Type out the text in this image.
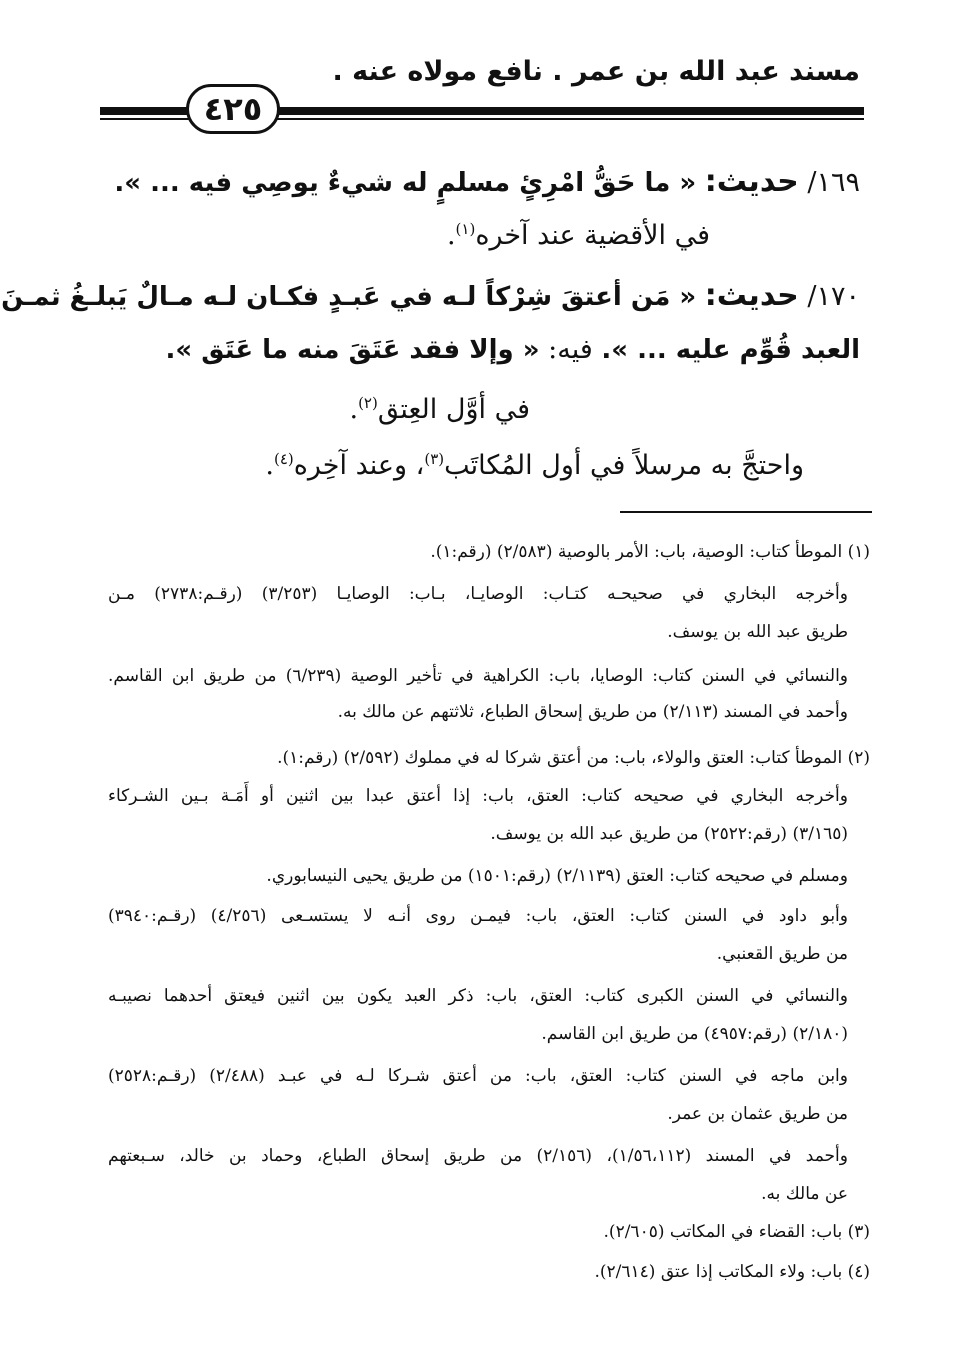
مسند عبد الله بن عمر . نافع مولاه عنه .
٤٢٥
١٦٩/ حديث: « ما حَقُّ امْرِئٍ مسلمٍ له شيءٌ يوصِي فيه ... ».
في الأقضية عند آخره$^{(١)}$.
١٧٠/ حديث: « مَن أعتقَ شِرْكاً لـه في عَبـدٍ فكـان لـه مـالٌ يَبلـغُ ثمـنَ
العبد قُوِّم عليه ... ». فيه: « وإلا فقد عَتَقَ منه ما عَتَق ».
في أوَّل العِتق$^{(٢)}$.
واحتجَّ به مرسلاً في أول المُكاتَب$^{(٣)}$، وعند آخِره$^{(٤)}$.
(١) الموطأ كتاب: الوصية، باب: الأمر بالوصية (٢/٥٨٣) (رقم:١).
وأخرجه البخاري في صحيحـه كتـاب: الوصايـا، بـاب: الوصايـا (٣/٢٥٣) (رقـم:٢٧٣٨) مـن
طريق عبد الله بن يوسف.
والنسائي في السنن كتاب: الوصايا، باب: الكراهية في تأخير الوصية (٦/٢٣٩) من طريق ابن القاسم.
وأحمد في المسند (٢/١١٣) من طريق إسحاق الطباع، ثلاثتهم عن مالك به.
(٢) الموطأ كتاب: العتق والولاء، باب: من أعتق شركا له في مملوك (٢/٥٩٢) (رقم:١).
وأخرجه البخاري في صحيحه كتاب: العتق، باب: إذا أعتق عبدا بين اثنين أو أَمَـة بـين الشـركاء
(٣/١٦٥) (رقم:٢٥٢٢) من طريق عبد الله بن يوسف.
ومسلم في صحيحه كتاب: العتق (٢/١١٣٩) (رقم:١٥٠١) من طريق يحيى النيسابوري.
وأبو داود في السنن كتاب: العتق، باب: فيمـن روى أنـه لا يستسـعى (٤/٢٥٦) (رقـم:٣٩٤٠)
من طريق القعنبي.
والنسائي في السنن الكبرى كتاب: العتق، باب: ذكر العبد يكون بين اثنين فيعتق أحدهما نصيبـه
(٢/١٨٠) (رقم:٤٩٥٧) من طريق ابن القاسم.
وابن ماجه في السنن كتاب: العتق، باب: من أعتق شـركا لـه في عبـد (٢/٤٨٨) (رقـم:٢٥٢٨)
من طريق عثمان بن عمر.
وأحمد في المسند (١/٥٦،١١٢)، (٢/١٥٦) من طريق إسحاق الطباع، وحماد بن خالد، سـبعتهم
عن مالك به.
(٣) باب: القضاء في المكاتب (٢/٦٠٥).
(٤) باب: ولاء المكاتب إذا عتق (٢/٦١٤).
